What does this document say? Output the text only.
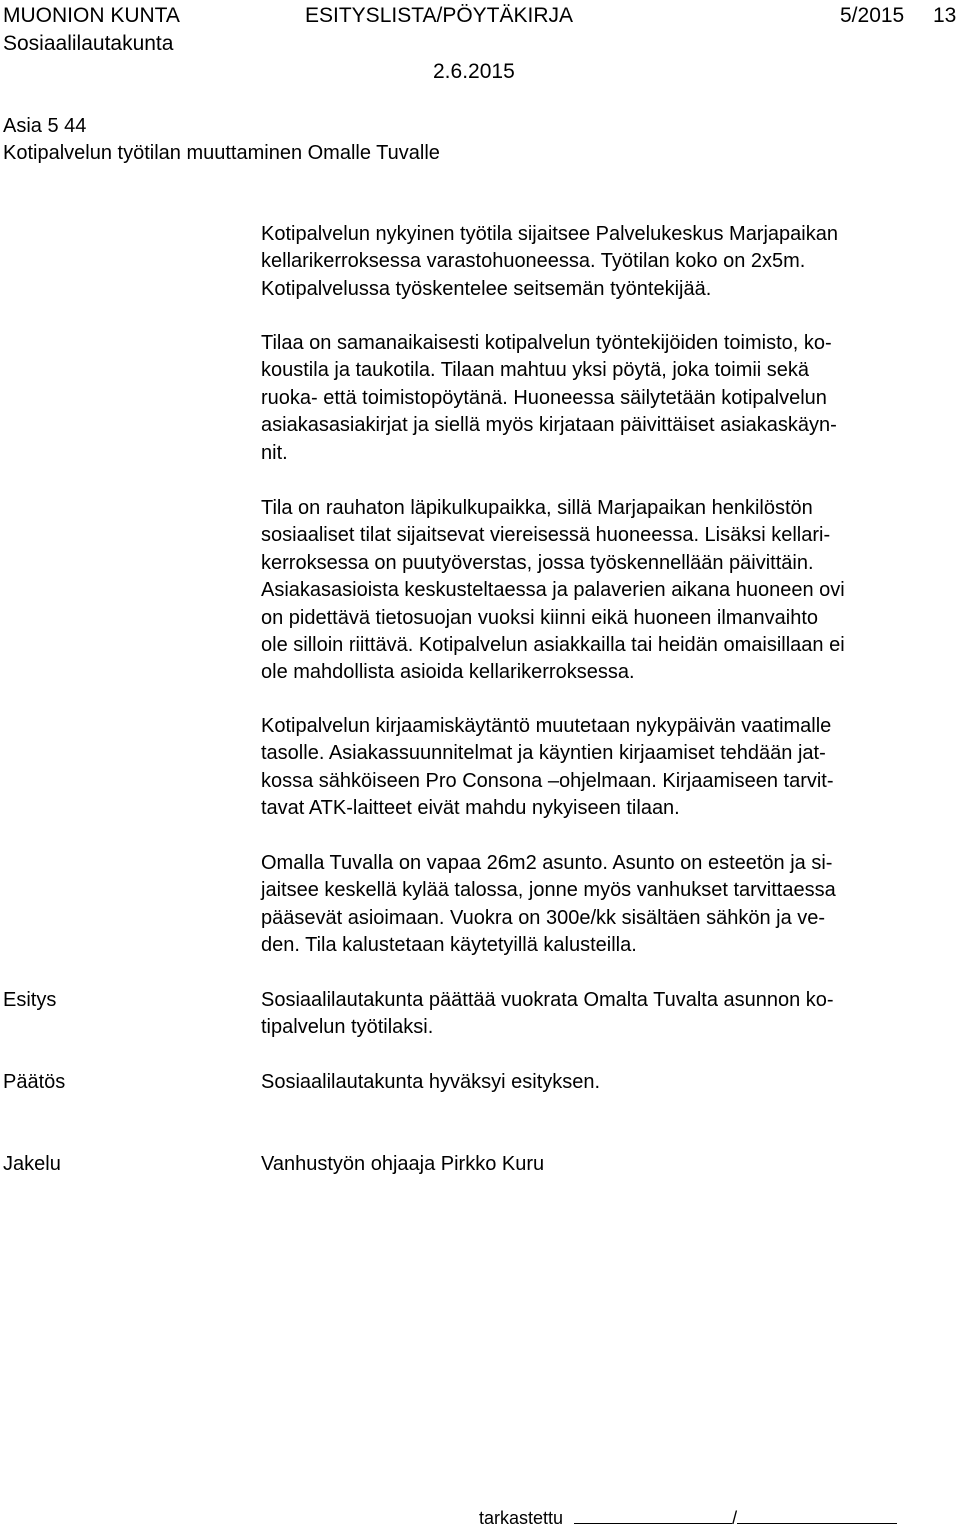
MUONION KUNTA	ESITYSLISTA/PÖYTÄKIRJA	5/2015 13
Sosiaalilautakunta
2.6.2015
Asia 5 44
Kotipalvelun työtilan muuttaminen Omalle Tuvalle
Kotipalvelun nykyinen työtila sijaitsee Palvelukeskus Marjapaikan
kellarikerroksessa varastohuoneessa. Työtilan koko on 2x5m.
Kotipalvelussa työskentelee seitsemän työntekijää.
Tilaa on samanaikaisesti kotipalvelun työntekijöiden toimisto, ko-
koustila ja taukotila. Tilaan mahtuu yksi pöytä, joka toimii sekä
ruoka- että toimistopöytänä. Huoneessa säilytetään kotipalvelun
asiakasasiakirjat ja siellä myös kirjataan päivittäiset asiakaskäyn-
nit.
Tila on rauhaton läpikulkupaikka, sillä Marjapaikan henkilöstön
sosiaaliset tilat sijaitsevat viereisessä huoneessa. Lisäksi kellari-
kerroksessa on puutyöverstas, jossa työskennellään päivittäin.
Asiakasasioista keskusteltaessa ja palaverien aikana huoneen ovi
on pidettävä tietosuojan vuoksi kiinni eikä huoneen ilmanvaihto
ole silloin riittävä. Kotipalvelun asiakkailla tai heidän omaisillaan ei
ole mahdollista asioida kellarikerroksessa.
Kotipalvelun kirjaamiskäytäntö muutetaan nykypäivän vaatimalle
tasolle. Asiakassuunnitelmat ja käyntien kirjaamiset tehdään jat-
kossa sähköiseen Pro Consona –ohjelmaan. Kirjaamiseen tarvit-
tavat ATK-laitteet eivät mahdu nykyiseen tilaan.
Omalla Tuvalla on vapaa 26m2 asunto. Asunto on esteetön ja si-
jaitsee keskellä kylää talossa, jonne myös vanhukset tarvittaessa
pääsevät asioimaan. Vuokra on 300e/kk sisältäen sähkön ja ve-
den. Tila kalustetaan käytetyillä kalusteilla.
Esitys	Sosiaalilautakunta päättää vuokrata Omalta Tuvalta asunnon ko-
tipalvelun työtilaksi.
Päätös	Sosiaalilautakunta hyväksyi esityksen.
Jakelu	Vanhustyön ohjaaja Pirkko Kuru
tarkastettu	/
